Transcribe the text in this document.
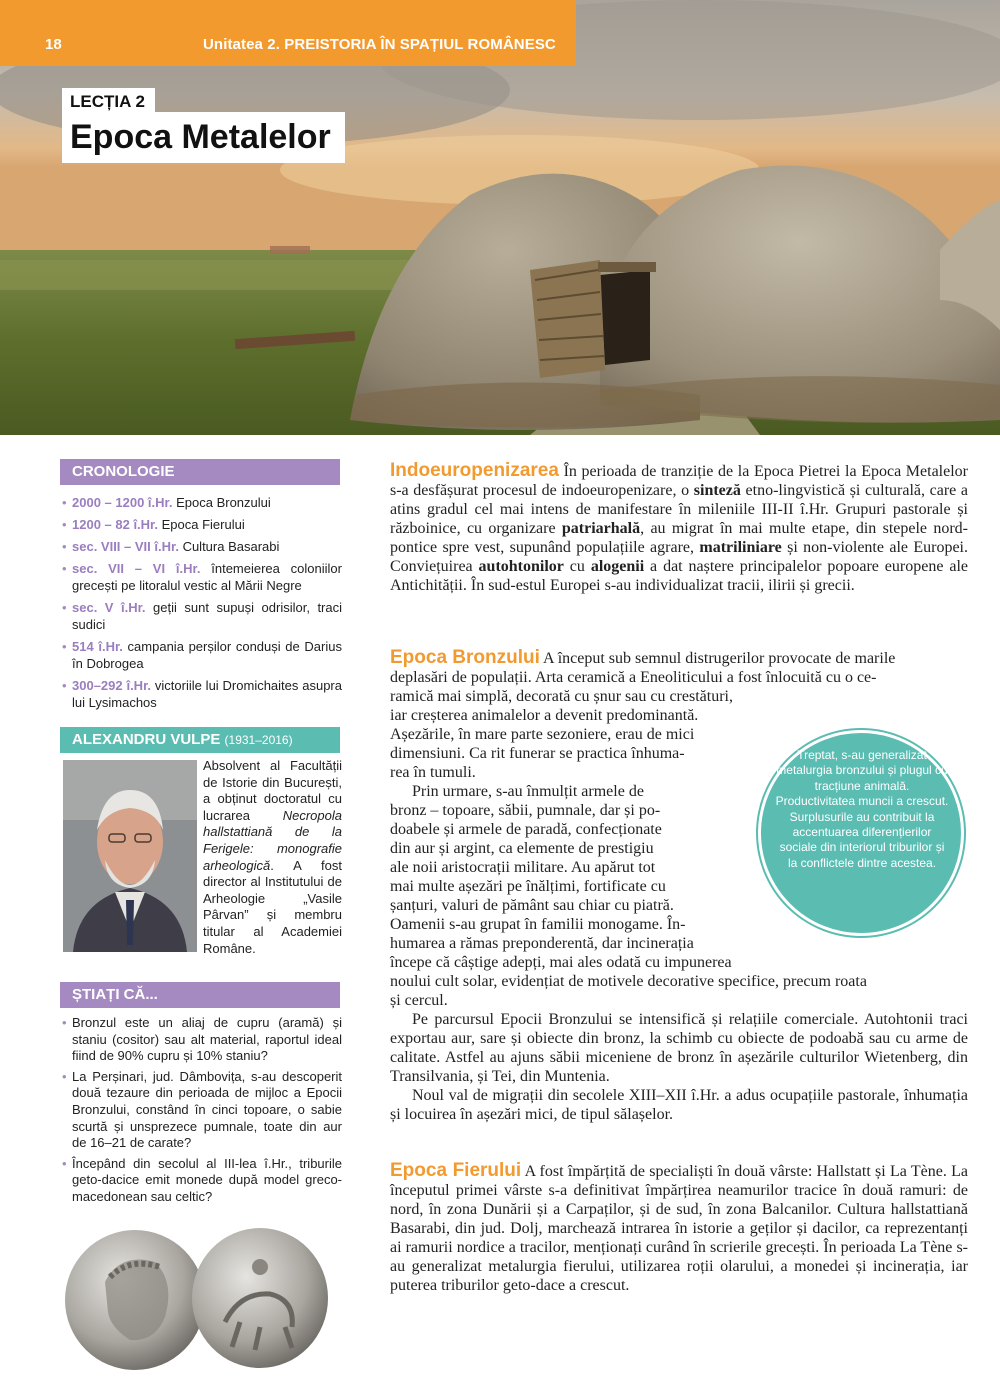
18	Unitatea 2. PREISTORIA ÎN SPAȚIUL ROMÂNESC
LECȚIA 2
Epoca Metalelor
CRONOLOGIE
• 2000 – 1200 î.Hr. Epoca Bronzului
• 1200 – 82 î.Hr. Epoca Fierului
• sec. VIII – VII î.Hr. Cultura Basarabi
• sec. VII – VI î.Hr. întemeierea coloniilor grecești pe litoralul vestic al Mării Negre
• sec. V î.Hr. geții sunt supuși odrisilor, traci sudici
• 514 î.Hr. campania perșilor conduși de Darius în Dobrogea
• 300–292 î.Hr. victoriile lui Dromichaites asupra lui Lysimachos
ALEXANDRU VULPE (1931–2016)
Absolvent al Facultății de Istorie din București, a obținut doctoratul cu lucrarea Necropola hallstattiană de la Ferigele: monografie arheologică. A fost director al Institutului de Arheologie „Vasile Pârvan” și membru titular al Academiei Române.
ȘTIAȚI CĂ...
• Bronzul este un aliaj de cupru (aramă) și staniu (cositor) sau alt material, raportul ideal fiind de 90% cupru și 10% staniu?
• La Perșinari, jud. Dâmbovița, s-au descoperit două tezaure din perioada de mijloc a Epocii Bronzului, constând în cinci topoare, o sabie scurtă și unsprezece pumnale, toate din aur de 16–21 de carate?
• Începând din secolul al III-lea î.Hr., triburile geto-dacice emit monede după model greco-macedonean sau celtic?
Indoeuropenizarea În perioada de tranziție de la Epoca Pietrei la Epoca Metalelor s-a desfășurat procesul de indoeuropenizare, o sinteză etno-lingvistică și culturală, care a atins gradul cel mai intens de manifestare în mileniile III-II î.Hr. Grupuri pastorale și războinice, cu organizare patriarhală, au migrat în mai multe etape, din stepele nord-pontice spre vest, supunând populațiile agrare, matriliniare și non-violente ale Europei. Conviețuirea autohtonilor cu alogenii a dat naștere principalelor popoare europene ale Antichității. În sud-estul Europei s-au individualizat tracii, ilirii și grecii.
Epoca Bronzului A început sub semnul distrugerilor provocate de marile
deplasări de populații. Arta ceramică a Eneoliticului a fost înlocuită cu o ce-
ramică mai simplă, decorată cu șnur sau cu crestături,
iar creșterea animalelor a devenit predominantă.
Așezările, în mare parte sezoniere, erau de mici
dimensiuni. Ca rit funerar se practica înhuma-
rea în tumuli.
Prin urmare, s-au înmulțit armele de
bronz – topoare, săbii, pumnale, dar și po-
doabele și armele de paradă, confecționate
din aur și argint, ca elemente de prestigiu
ale noii aristocrații militare. Au apărut tot
mai multe așezări pe înălțimi, fortificate cu
șanțuri, valuri de pământ sau chiar cu piatră.
Oamenii s-au grupat în familii monogame. În-
humarea a rămas preponderentă, dar incinerația
începe că câștige adepți, mai ales odată cu impunerea
noului cult solar, evidențiat de motivele decorative specifice, precum roata
și cercul.
Pe parcursul Epocii Bronzului se intensifică și relațiile comerciale. Autohtonii traci exportau aur, sare și obiecte din bronz, la schimb cu obiecte de podoabă sau cu arme de calitate. Astfel au ajuns săbii miceniene de bronz în așezările culturilor Wietenberg, din Transilvania, și Tei, din Muntenia.
Noul val de migrații din secolele XIII–XII î.Hr. a adus ocupațiile pastorale, înhumația și locuirea în așezări mici, de tipul sălașelor.
Treptat, s-au generalizat metalurgia bronzului și plugul cu tracțiune animală. Productivitatea muncii a crescut. Surplusurile au contribuit la accentuarea diferențierilor sociale din interiorul triburilor și la conflictele dintre acestea.
Epoca Fierului A fost împărțită de specialiști în două vârste: Hallstatt și La Tène. La începutul primei vârste s-a definitivat împărțirea neamurilor tracice în două ramuri: de nord, în zona Dunării și a Carpaților, și de sud, în zona Balcanilor. Cultura hallstattiană Basarabi, din jud. Dolj, marchează intrarea în istorie a geților și dacilor, ca reprezentanți ai ramurii nordice a tracilor, menționați curând în scrierile grecești. În perioada La Tène s-au generalizat metalurgia fierului, utilizarea roții olarului, a monedei și incinerația, iar puterea triburilor geto-dace a crescut.
